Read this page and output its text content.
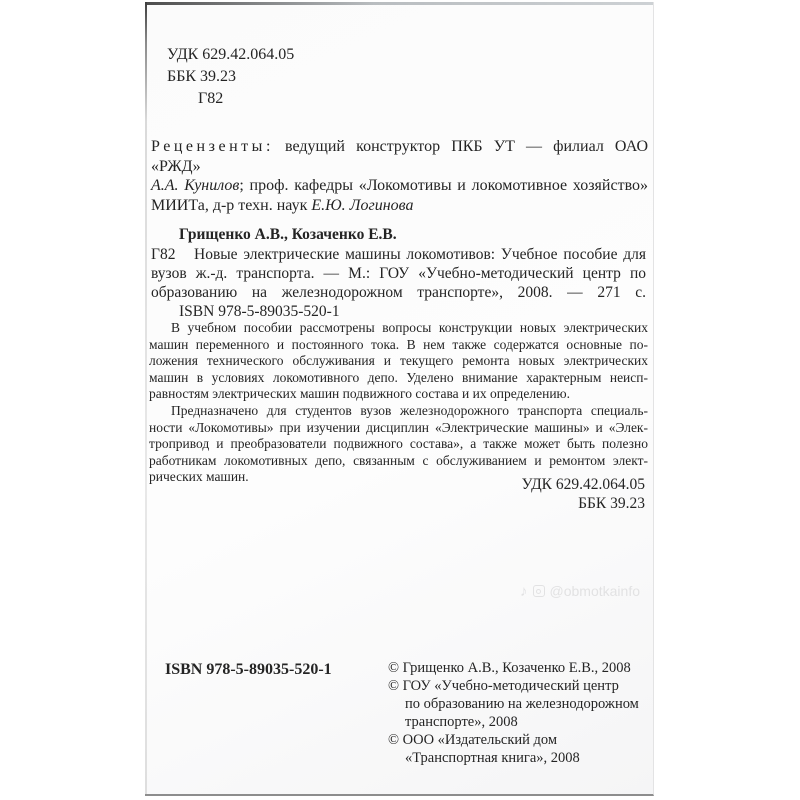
УДК 629.42.064.05
ББК 39.23
Г82
Рецензенты: ведущий конструктор ПКБ УТ — филиал ОАО «РЖД»
А.А. Кунилов; проф. кафедры «Локомотивы и локомотивное хозяйство»
МИИТа, д-р техн. наук Е.Ю. Логинова
Грищенко А.В., Козаченко Е.В.
Г82	Новые электрические машины локомотивов: Учебное пособие для
вузов ж.-д. транспорта. — М.: ГОУ «Учебно-методический центр по
образованию на железнодорожном транспорте», 2008. — 271 с.
ISBN 978-5-89035-520-1
В учебном пособии рассмотрены вопросы конструкции новых электрических
машин переменного и постоянного тока. В нем также содержатся основные по-
ложения технического обслуживания и текущего ремонта новых электрических
машин в условиях локомотивного депо. Уделено внимание характерным неисп-
равностям электрических машин подвижного состава и их определению.
Предназначено для студентов вузов железнодорожного транспорта специаль-
ности «Локомотивы» при изучении дисциплин «Электрические машины» и «Элек-
тропривод и преобразователи подвижного состава», а также может быть полезно
работникам локомотивных депо, связанным с обслуживанием и ремонтом элект-
рических машин.	УДК 629.42.064.05
ББК 39.23
♪ @obmotkainfo
ISBN 978-5-89035-520-1	© Грищенко А.В., Козаченко Е.В., 2008
© ГОУ «Учебно-методический центр
по образованию на железнодорожном
транспорте», 2008
© ООО «Издательский дом
«Транспортная книга», 2008
